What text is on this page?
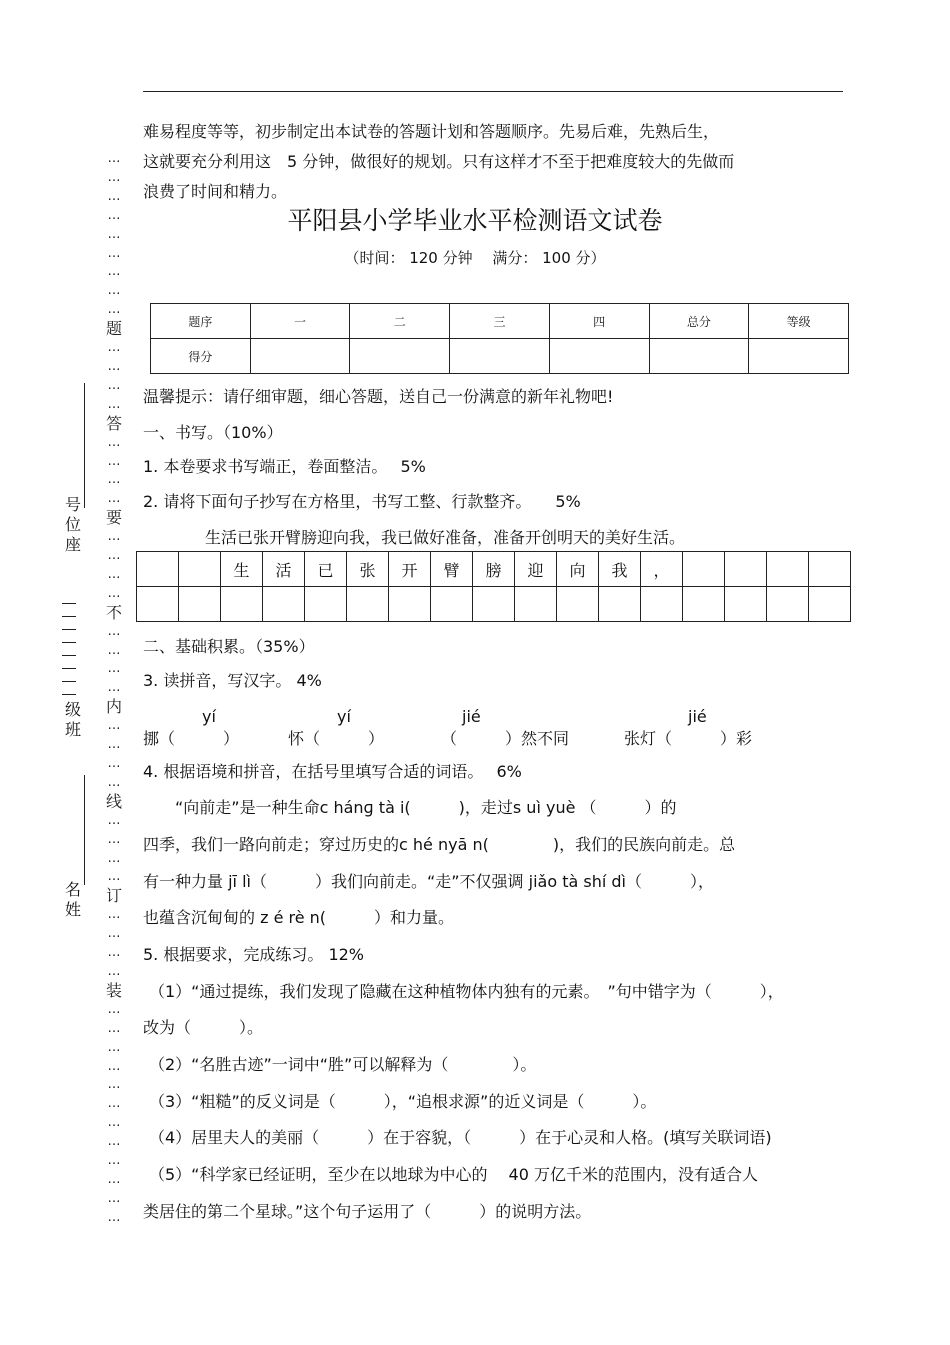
难易程度等等，初步制定出本试卷的答题计划和答题顺序。先易后难，先熟后生，
这就要充分利用这　5 分钟，做很好的规划。只有这样才不至于把难度较大的先做而
浪费了时间和精力。
平阳县小学毕业水平检测语文试卷
（时间： 120 分钟　 满分： 100 分）
题序	一	二	三	四	总分	等级
得分						
温馨提示：请仔细审题，细心答题，送自己一份满意的新年礼物吧!
一、书写。（10%）
1. 本卷要求书写端正，卷面整洁。　 5%
2. 请将下面句子抄写在方格里，书写工整、行款整齐。　　5%
生活已张开臂膀迎向我，我已做好准备，准备开创明天的美好生活。
		生	活	已	张	开	臂	膀	迎	向	我	，				

二、基础积累。（35%）
3. 读拼音，写汉字。 4%
yí	yí	jié	jié
挪（　　　）	怀（　　　）	（　　　）然不同	张灯（　　　）彩
4. 根据语境和拼音，在括号里填写合适的词语。　 6%
　　“向前走”是一种生命c hánɡ tà i(　　　)，走过s uì yuè （　　　）的
四季，我们一路向前走；穿过历史的c hé nyā n(　　　　)，我们的民族向前走。总
有一种力量 jī lì（　　　）我们向前走。“走”不仅强调 jiǎo tà shí dì（　　　），
也蕴含沉甸甸的 z é rè n(　　　）和力量。
5. 根据要求，完成练习。 12%
（1）“通过提练，我们发现了隐藏在这种植物体内独有的元素。　”句中错字为（　　　），
改为（　　　）。
（2）“名胜古迹”一词中“胜”可以解释为（　　　　）。
（3）“粗糙”的反义词是（　　　），“追根求源”的近义词是（　　　）。
（4）居里夫人的美丽（　　　）在于容貌，（　　　）在于心灵和人格。(填写关联词语)
（5）“科学家已经证明，至少在以地球为中心的　 40 万亿千米的范围内，没有适合人
类居住的第二个星球。”这个句子运用了（　　　）的说明方法。
…
…
…
…
…
…
…
…
…
题
…
…
…
…
答
…
…
…
…
要
…
…
…
…
不
…
…
…
…
内
…
…
…
…
线
…
…
…
…
订
…
…
…
…
装
…
…
…
…
…
…
…
…
…
…
…
…
号
位
座
级
班
名
姓
